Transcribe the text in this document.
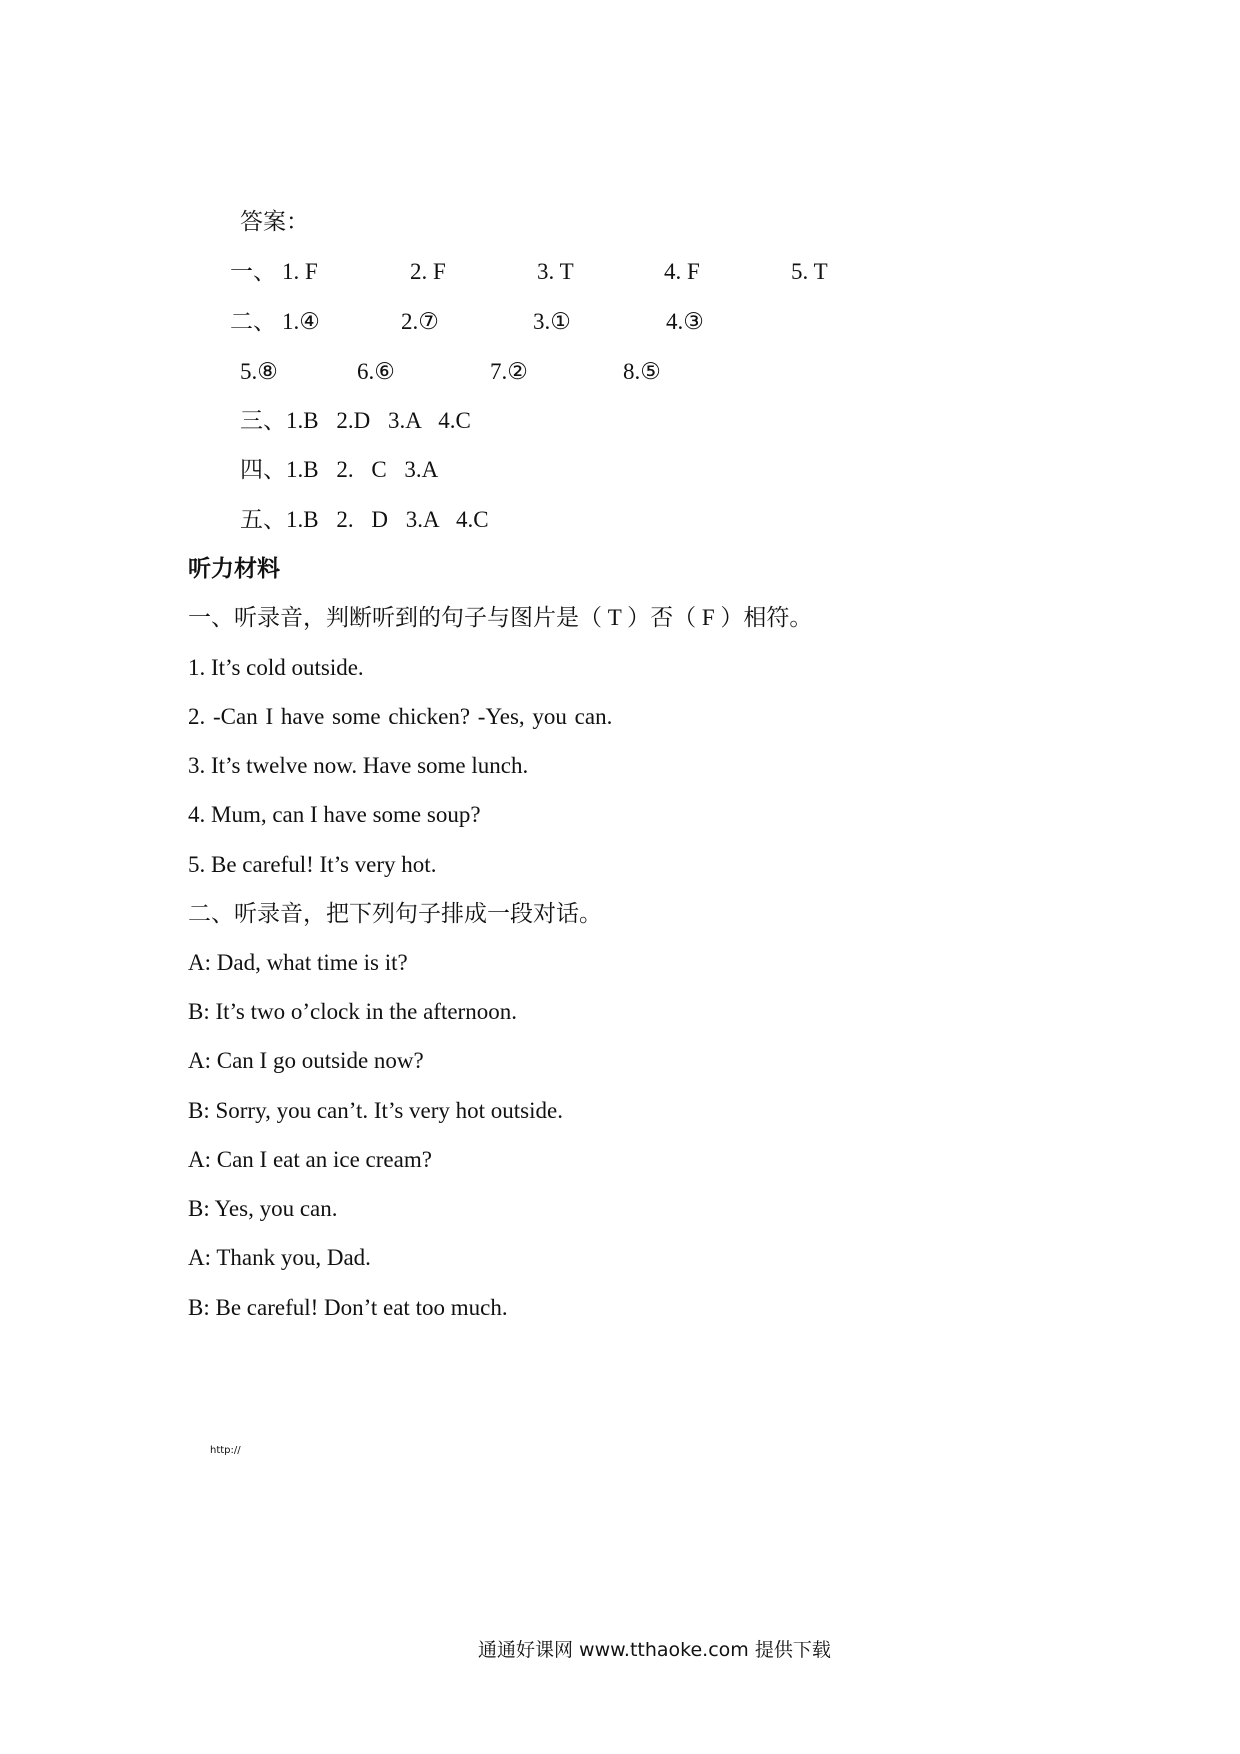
答案：
一、 1. F	2. F	3. T	4. F	5. T
二、 1.④	2.⑦	3.①	4.③
5.⑧	6.⑥	7.②	8.⑤
三、1.B 2.D 3.A 4.C
四、1.B 2. C 3.A
五、1.B 2. D 3.A 4.C
听力材料
一、听录音，判断听到的句子与图片是（ T ）否（ F ）相符。
1. It’s cold outside.
2. -Can I have some chicken? -Yes, you can.
3. It’s twelve now. Have some lunch.
4. Mum, can I have some soup?
5. Be careful! It’s very hot.
二、听录音，把下列句子排成一段对话。
A: Dad, what time is it?
B: It’s two o’clock in the afternoon.
A: Can I go outside now?
B: Sorry, you can’t. It’s very hot outside.
A: Can I eat an ice cream?
B: Yes, you can.
A: Thank you, Dad.
B: Be careful! Don’t eat too much.
http://
通通好课网 www.tthaoke.com 提供下载
